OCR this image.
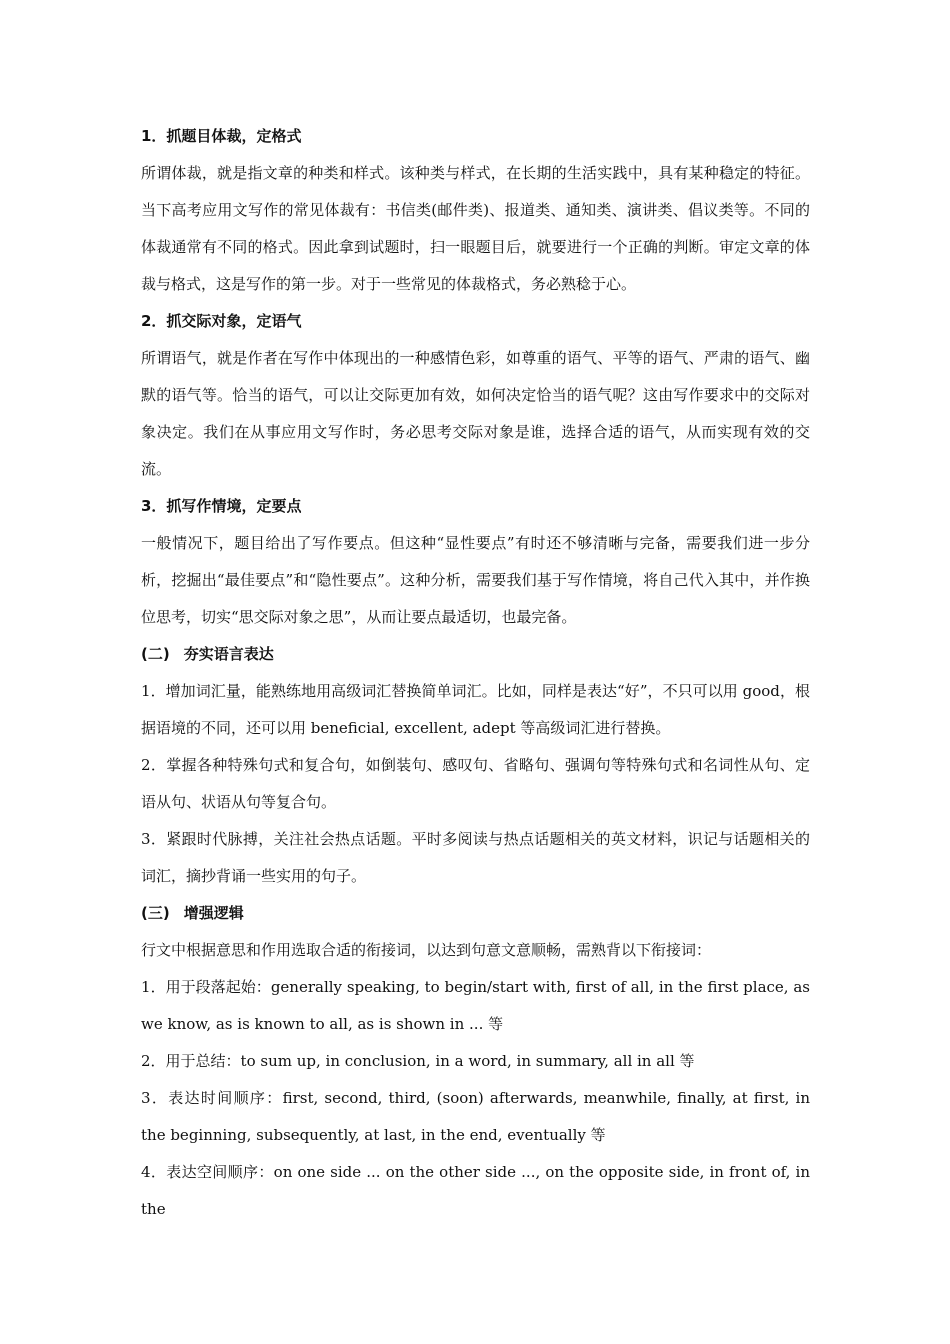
1．抓题目体裁，定格式

所谓体裁，就是指文章的种类和样式。该种类与样式，在长期的生活实践中，具有某种稳定的特征。当下高考应用文写作的常见体裁有：书信类(邮件类)、报道类、通知类、演讲类、倡议类等。不同的体裁通常有不同的格式。因此拿到试题时，扫一眼题目后，就要进行一个正确的判断。审定文章的体裁与格式，这是写作的第一步。对于一些常见的体裁格式，务必熟稔于心。

2．抓交际对象，定语气

所谓语气，就是作者在写作中体现出的一种感情色彩，如尊重的语气、平等的语气、严肃的语气、幽默的语气等。恰当的语气，可以让交际更加有效，如何决定恰当的语气呢？这由写作要求中的交际对象决定。我们在从事应用文写作时，务必思考交际对象是谁，选择合适的语气，从而实现有效的交流。

3．抓写作情境，定要点

一般情况下，题目给出了写作要点。但这种“显性要点”有时还不够清晰与完备，需要我们进一步分析，挖掘出“最佳要点”和“隐性要点”。这种分析，需要我们基于写作情境，将自己代入其中，并作换位思考，切实“思交际对象之思”，从而让要点最适切，也最完备。

(二) 夯实语言表达

1．增加词汇量，能熟练地用高级词汇替换简单词汇。比如，同样是表达“好”，不只可以用 good，根据语境的不同，还可以用 beneficial, excellent, adept 等高级词汇进行替换。

2．掌握各种特殊句式和复合句，如倒装句、感叹句、省略句、强调句等特殊句式和名词性从句、定语从句、状语从句等复合句。

3．紧跟时代脉搏，关注社会热点话题。平时多阅读与热点话题相关的英文材料，识记与话题相关的词汇，摘抄背诵一些实用的句子。

(三) 增强逻辑

行文中根据意思和作用选取合适的衔接词，以达到句意文意顺畅，需熟背以下衔接词：

1．用于段落起始：generally speaking, to begin/start with, first of all, in the first place, as we know, as is known to all, as is shown in ... 等

2．用于总结：to sum up, in conclusion, in a word, in summary, all in all 等

3．表达时间顺序：first, second, third, (soon) afterwards, meanwhile, finally, at first, in the beginning, subsequently, at last, in the end, eventually 等

4．表达空间顺序：on one side ... on the other side ..., on the opposite side, in front of, in the
